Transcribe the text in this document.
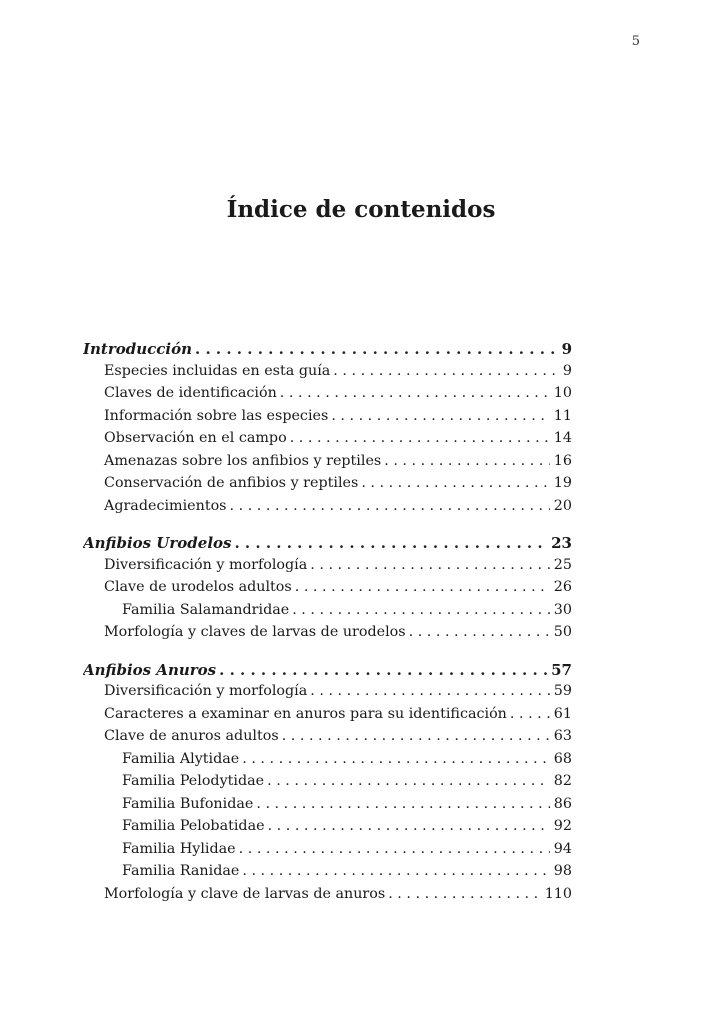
5
Índice de contenidos
Introducción . . .	9
Especies incluidas en esta guía . . .	9
Claves de identificación . . .	10
Información sobre las especies . . .	11
Observación en el campo . . .	14
Amenazas sobre los anfibios y reptiles . . .	16
Conservación de anfibios y reptiles . . .	19
Agradecimientos . . .	20
Anfibios Urodelos . . .	23
Diversificación y morfología . . .	25
Clave de urodelos adultos . . .	26
Familia Salamandridae . . .	30
Morfología y claves de larvas de urodelos . . .	50
Anfibios Anuros . . .	57
Diversificación y morfología . . .	59
Caracteres a examinar en anuros para su identificación . . .	61
Clave de anuros adultos . . .	63
Familia Alytidae . . .	68
Familia Pelodytidae . . .	82
Familia Bufonidae . . .	86
Familia Pelobatidae . . .	92
Familia Hylidae . . .	94
Familia Ranidae . . .	98
Morfología y clave de larvas de anuros . . .	110
